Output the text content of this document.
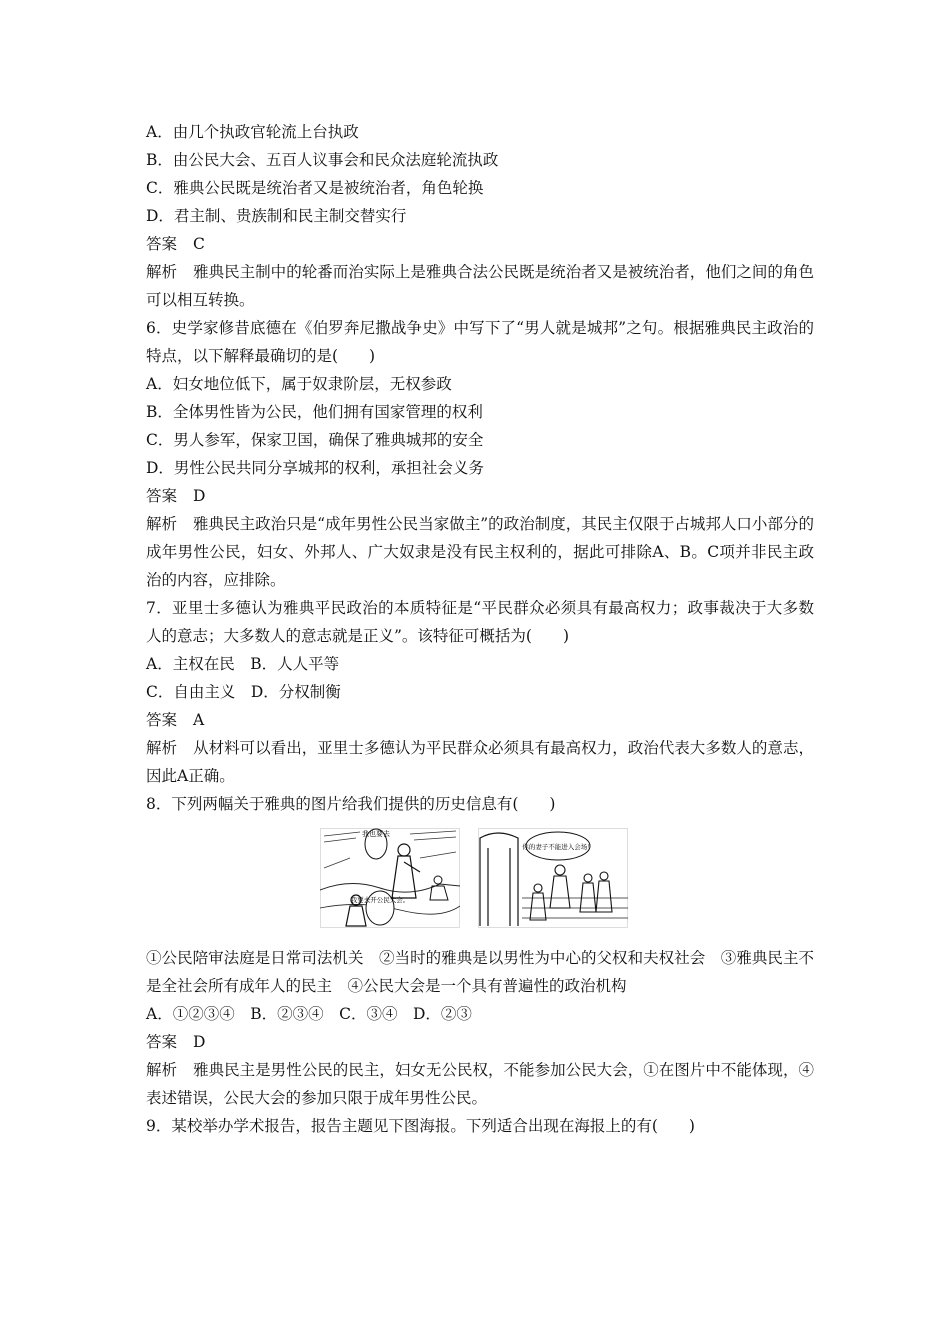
A．由几个执政官轮流上台执政
B．由公民大会、五百人议事会和民众法庭轮流执政
C．雅典公民既是统治者又是被统治者，角色轮换
D．君主制、贵族制和民主制交替实行
答案 C
解析 雅典民主制中的轮番而治实际上是雅典合法公民既是统治者又是被统治者，他们之间的角色可以相互转换。
6．史学家修昔底德在《伯罗奔尼撒战争史》中写下了“男人就是城邦”之句。根据雅典民主政治的特点，以下解释最确切的是(　　)
A．妇女地位低下，属于奴隶阶层，无权参政
B．全体男性皆为公民，他们拥有国家管理的权利
C．男人参军，保家卫国，确保了雅典城邦的安全
D．男性公民共同分享城邦的权利，承担社会义务
答案 D
解析 雅典民主政治只是“成年男性公民当家做主”的政治制度，其民主仅限于占城邦人口小部分的成年男性公民，妇女、外邦人、广大奴隶是没有民主权利的，据此可排除A、B。C项并非民主政治的内容，应排除。
7．亚里士多德认为雅典平民政治的本质特征是“平民群众必须具有最高权力；政事裁决于大多数人的意志；大多数人的意志就是正义”。该特征可概括为(　　)
A．主权在民　B．人人平等
C．自由主义　D．分权制衡
答案 A
解析 从材料可以看出，亚里士多德认为平民群众必须具有最高权力，政治代表大多数人的意志，因此A正确。
8．下列两幅关于雅典的图片给我们提供的历史信息有(　　)
我也要去
我要去开公民大会。
你的妻子不能进入会场！
①公民陪审法庭是日常司法机关　②当时的雅典是以男性为中心的父权和夫权社会　③雅典民主不是全社会所有成年人的民主　④公民大会是一个具有普遍性的政治机构
A．①②③④　B．②③④　C．③④　D．②③
答案 D
解析 雅典民主是男性公民的民主，妇女无公民权，不能参加公民大会，①在图片中不能体现，④表述错误，公民大会的参加只限于成年男性公民。
9．某校举办学术报告，报告主题见下图海报。下列适合出现在海报上的有(　　)
